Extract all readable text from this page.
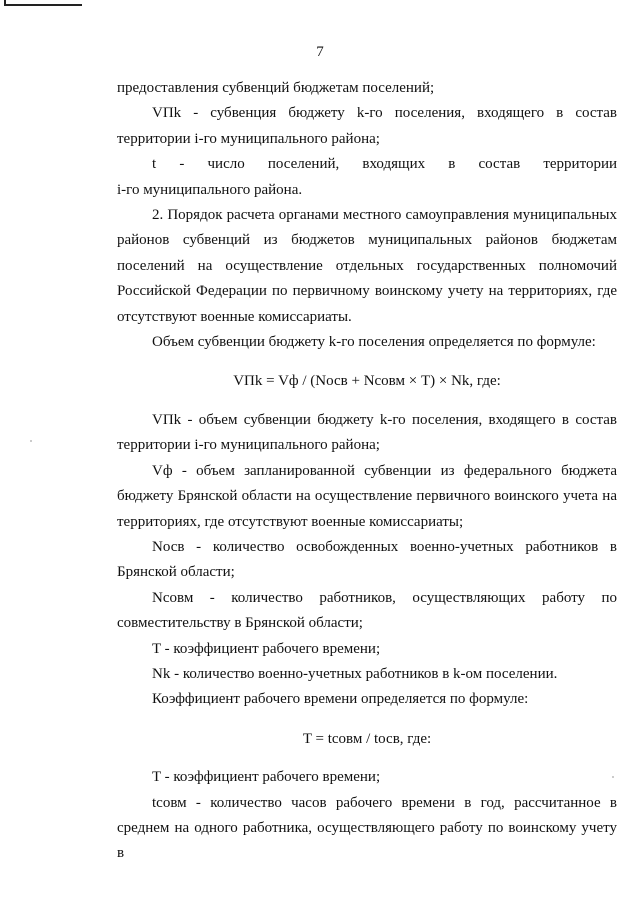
7

предоставления субвенций бюджетам поселений;

VПk - субвенция бюджету k-го поселения, входящего в состав

территории i-го муниципального района;

t - число поселений, входящих в состав территории

i-го муниципального района.

2. Порядок расчета органами местного самоуправления муниципальных

районов субвенций из бюджетов муниципальных районов бюджетам

поселений на осуществление отдельных государственных полномочий

Российской Федерации по первичному воинскому учету на территориях, где

отсутствуют военные комиссариаты.

Объем субвенции бюджету k-го поселения определяется по формуле:

VПk = Vф / (Nосв + Nсовм × T) × Nk, где:

VПk - объем субвенции бюджету k-го поселения, входящего в состав

территории i-го муниципального района;

Vф - объем запланированной субвенции из федерального бюджета

бюджету Брянской области на осуществление первичного воинского учета на

территориях, где отсутствуют военные комиссариаты;

Nосв - количество освобожденных военно-учетных работников в

Брянской области;

Nсовм - количество работников, осуществляющих работу по

совместительству в Брянской области;

T - коэффициент рабочего времени;

Nk - количество военно-учетных работников в k-ом поселении.

Коэффициент рабочего времени определяется по формуле:

T = tсовм / tосв, где:

T - коэффициент рабочего времени;

tсовм - количество часов рабочего времени в год, рассчитанное в

среднем на одного работника, осуществляющего работу по воинскому учету в
